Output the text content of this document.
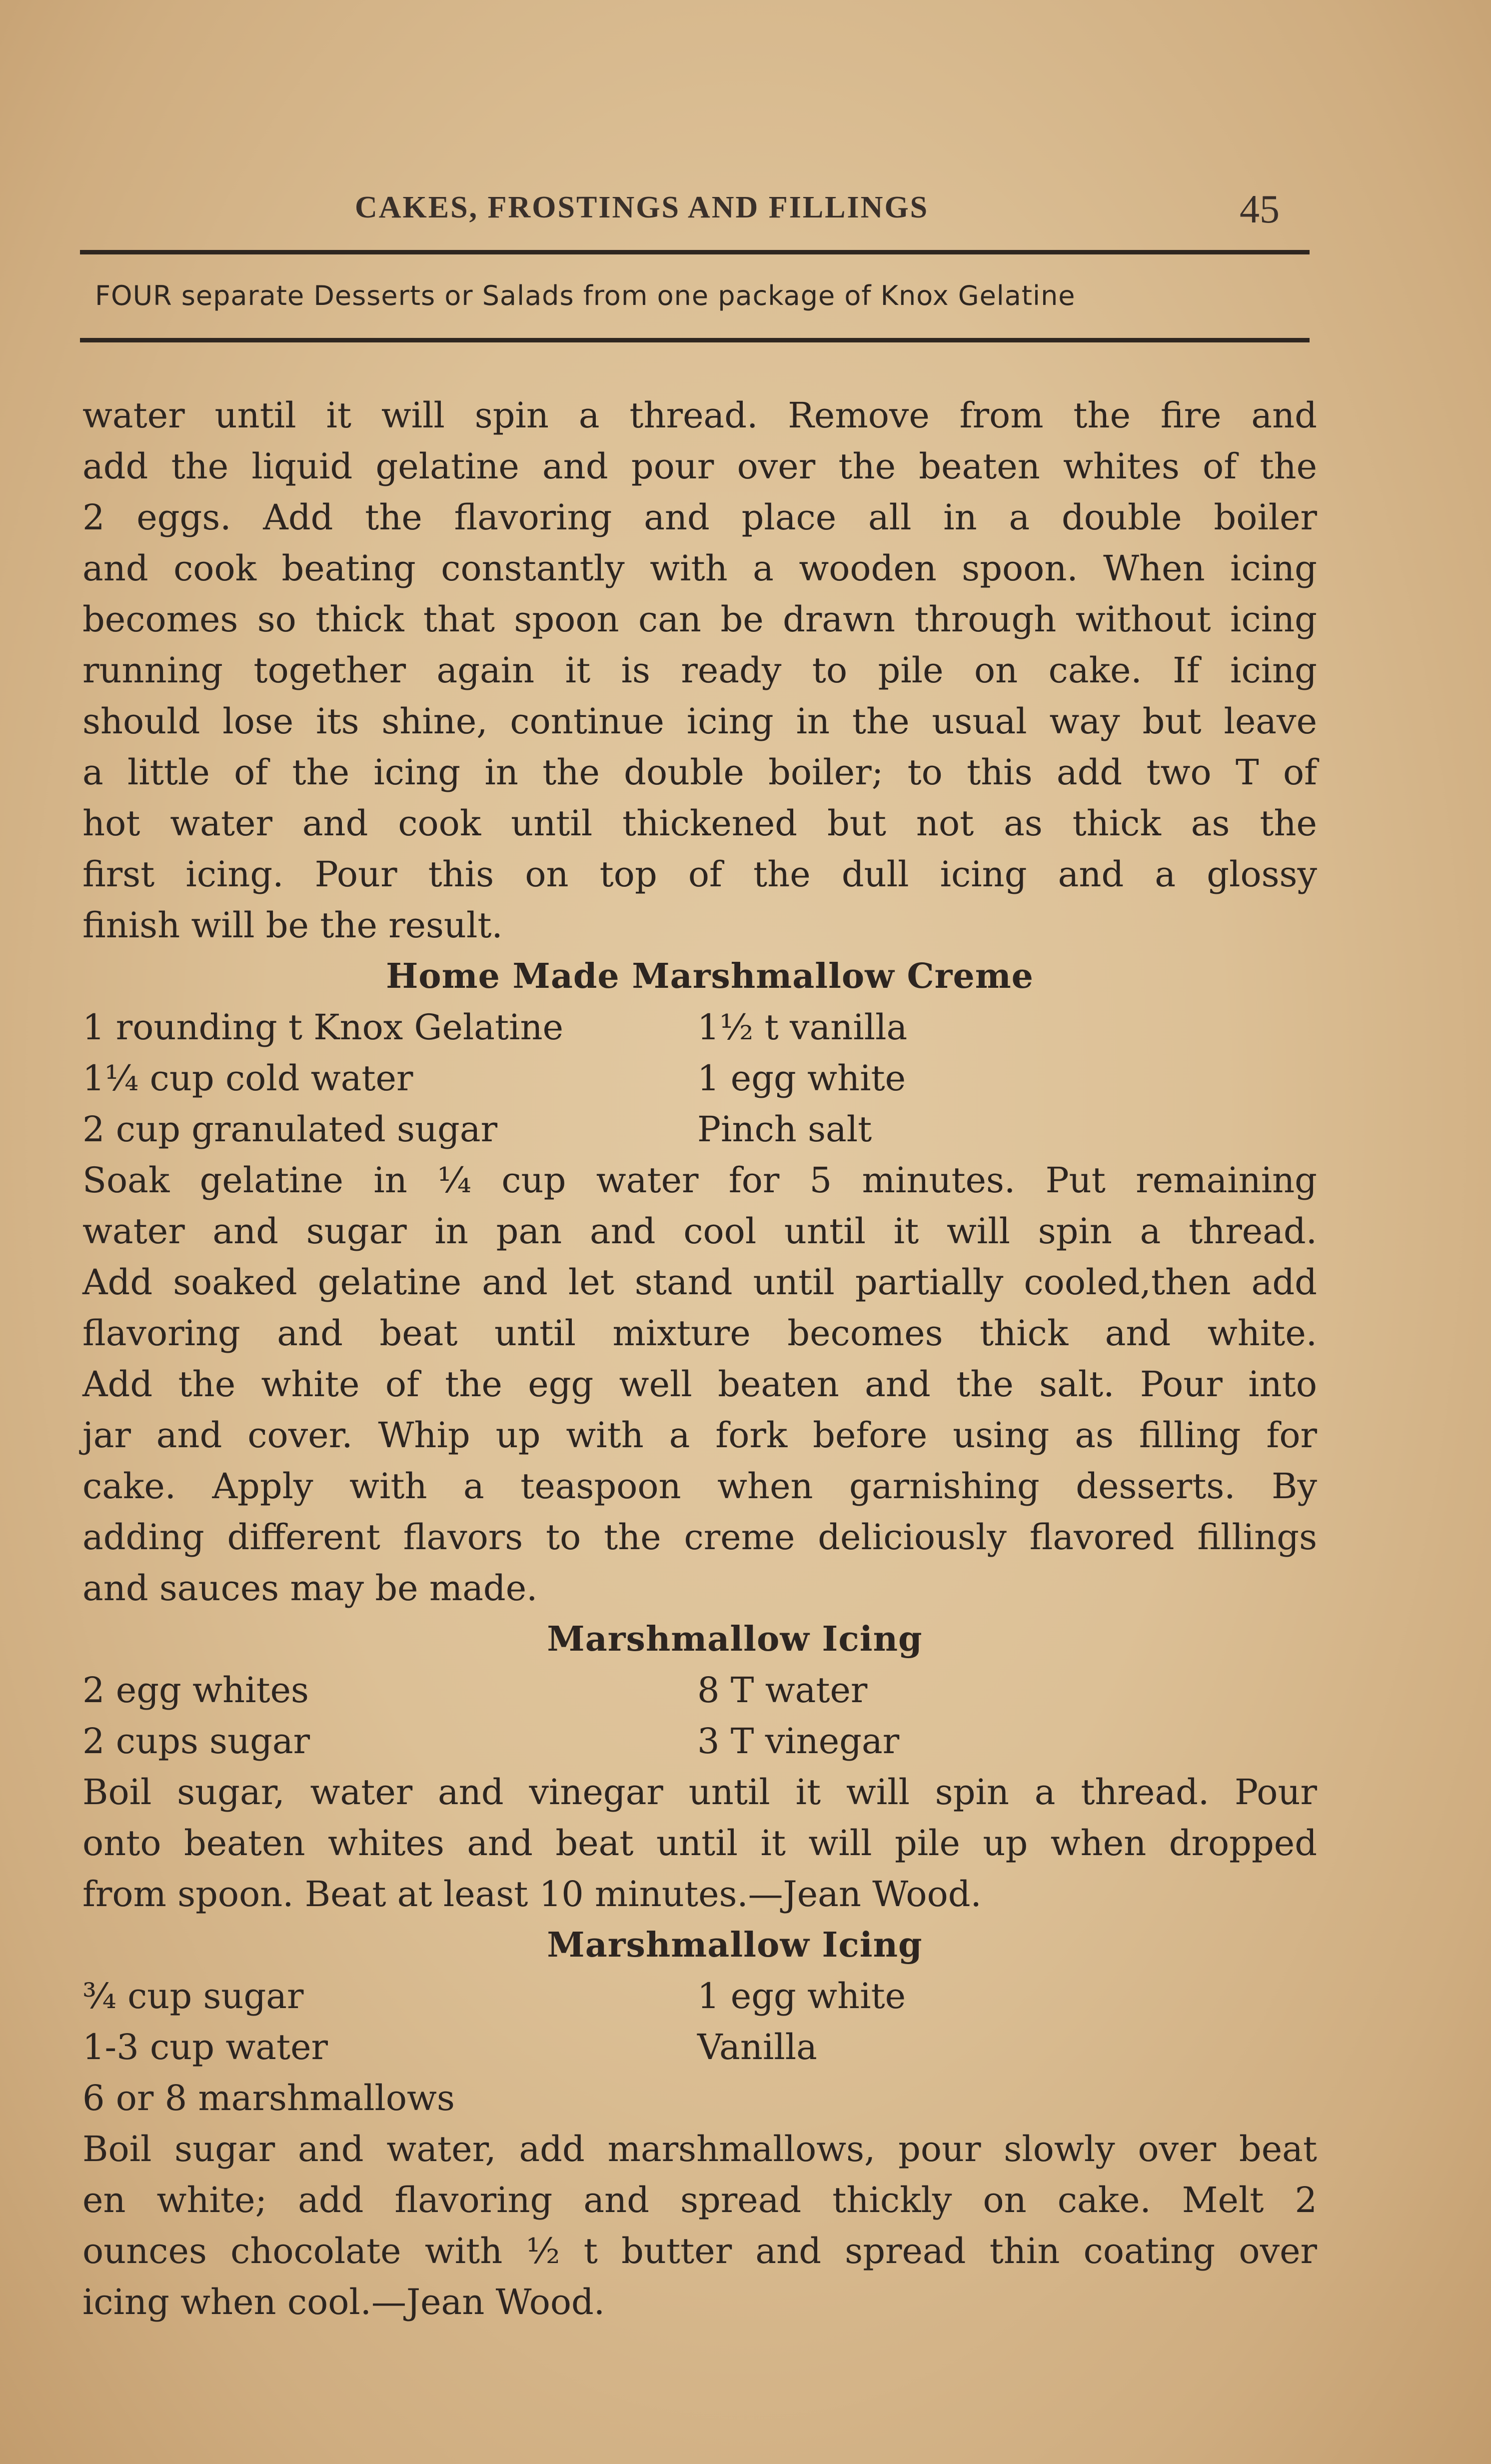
CAKES, FROSTINGS AND FILLINGS	45
FOUR separate Desserts or Salads from one package of Knox Gelatine
water until it will spin a thread. Remove from the fire and
add the liquid gelatine and pour over the beaten whites of the
2 eggs. Add the flavoring and place all in a double boiler
and cook beating constantly with a wooden spoon. When icing
becomes so thick that spoon can be drawn through without icing
running together again it is ready to pile on cake. If icing
should lose its shine, continue icing in the usual way but leave
a little of the icing in the double boiler; to this add two T of
hot water and cook until thickened but not as thick as the
first icing. Pour this on top of the dull icing and a glossy
finish will be the result.
Home Made Marshmallow Creme
1 rounding t Knox Gelatine	1½ t vanilla
1¼ cup cold water	1 egg white
2 cup granulated sugar	Pinch salt
Soak gelatine in ¼ cup water for 5 minutes. Put remaining
water and sugar in pan and cool until it will spin a thread.
Add soaked gelatine and let stand until partially cooled,then add
flavoring and beat until mixture becomes thick and white.
Add the white of the egg well beaten and the salt. Pour into
jar and cover. Whip up with a fork before using as filling for
cake. Apply with a teaspoon when garnishing desserts. By
adding different flavors to the creme deliciously flavored fillings
and sauces may be made.
Marshmallow Icing
2 egg whites	8 T water
2 cups sugar	3 T vinegar
Boil sugar, water and vinegar until it will spin a thread. Pour
onto beaten whites and beat until it will pile up when dropped
from spoon. Beat at least 10 minutes.—Jean Wood.
Marshmallow Icing
¾ cup sugar	1 egg white
1-3 cup water	Vanilla
6 or 8 marshmallows
Boil sugar and water, add marshmallows, pour slowly over beat
en white; add flavoring and spread thickly on cake. Melt 2
ounces chocolate with ½ t butter and spread thin coating over
icing when cool.—Jean Wood.
